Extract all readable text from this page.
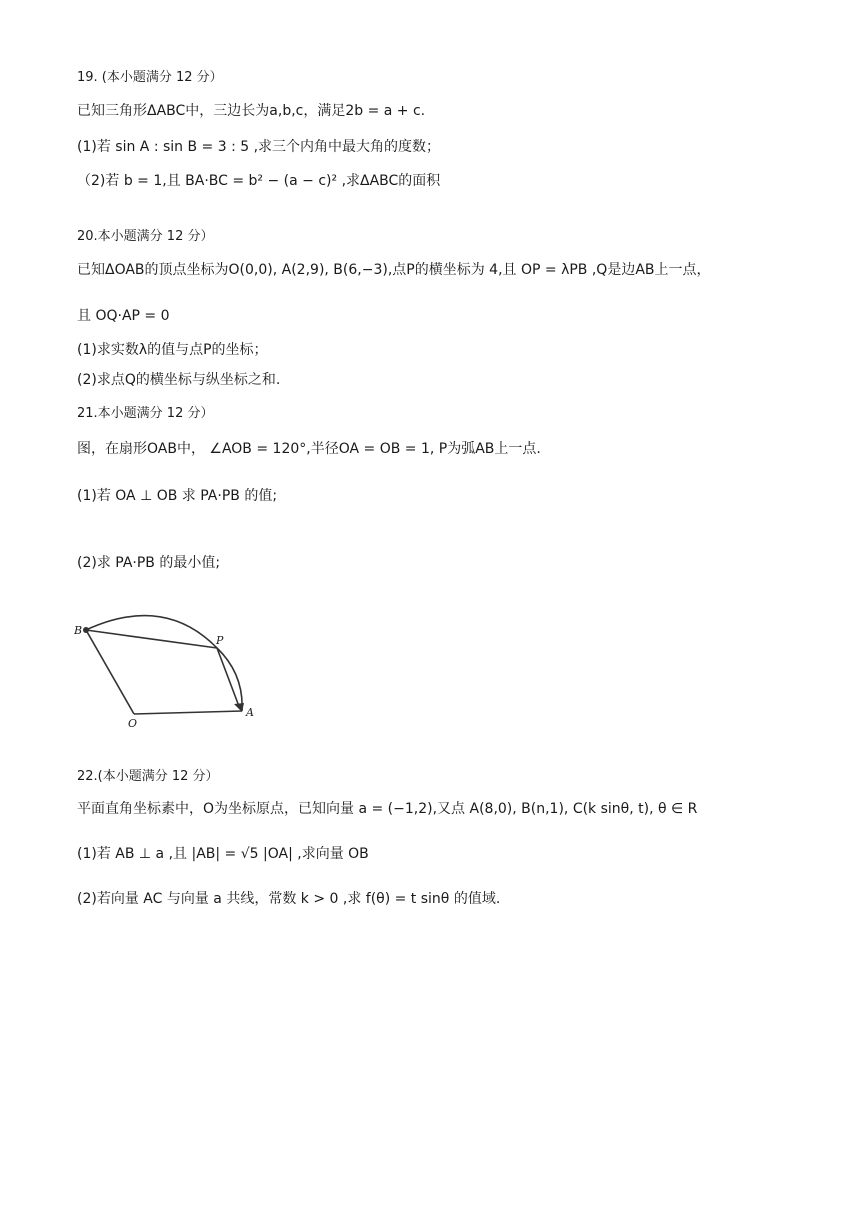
19. (本小题满分 12 分）
已知三角形ΔABC中，三边长为a,b,c，满足2b = a + c.
(1)若 sin A : sin B = 3 : 5 ,求三个内角中最大角的度数；
（2)若 b = 1,且 BA·BC = b² − (a − c)² ,求ΔABC的面积
20.本小题满分 12 分）
已知ΔOAB的顶点坐标为O(0,0), A(2,9), B(6,−3),点P的横坐标为 4,且 OP = λPB ,Q是边AB上一点，
且 OQ·AP = 0
(1)求实数λ的值与点P的坐标；
(2)求点Q的横坐标与纵坐标之和.
21.本小题满分 12 分）
图，在扇形OAB中， ∠AOB = 120°,半径OA = OB = 1, P为弧AB上一点.
(1)若 OA ⊥ OB 求 PA·PB 的值;
(2)求 PA·PB 的最小值;
B
P
O
A
22.(本小题满分 12 分）
平面直角坐标素中，O为坐标原点，已知向量 a = (−1,2),又点 A(8,0), B(n,1), C(k sinθ, t), θ ∈ R
(1)若 AB ⊥ a ,且 |AB| = √5 |OA| ,求向量 OB
(2)若向量 AC 与向量 a 共线，常数 k > 0 ,求 f(θ) = t sinθ 的值域.
